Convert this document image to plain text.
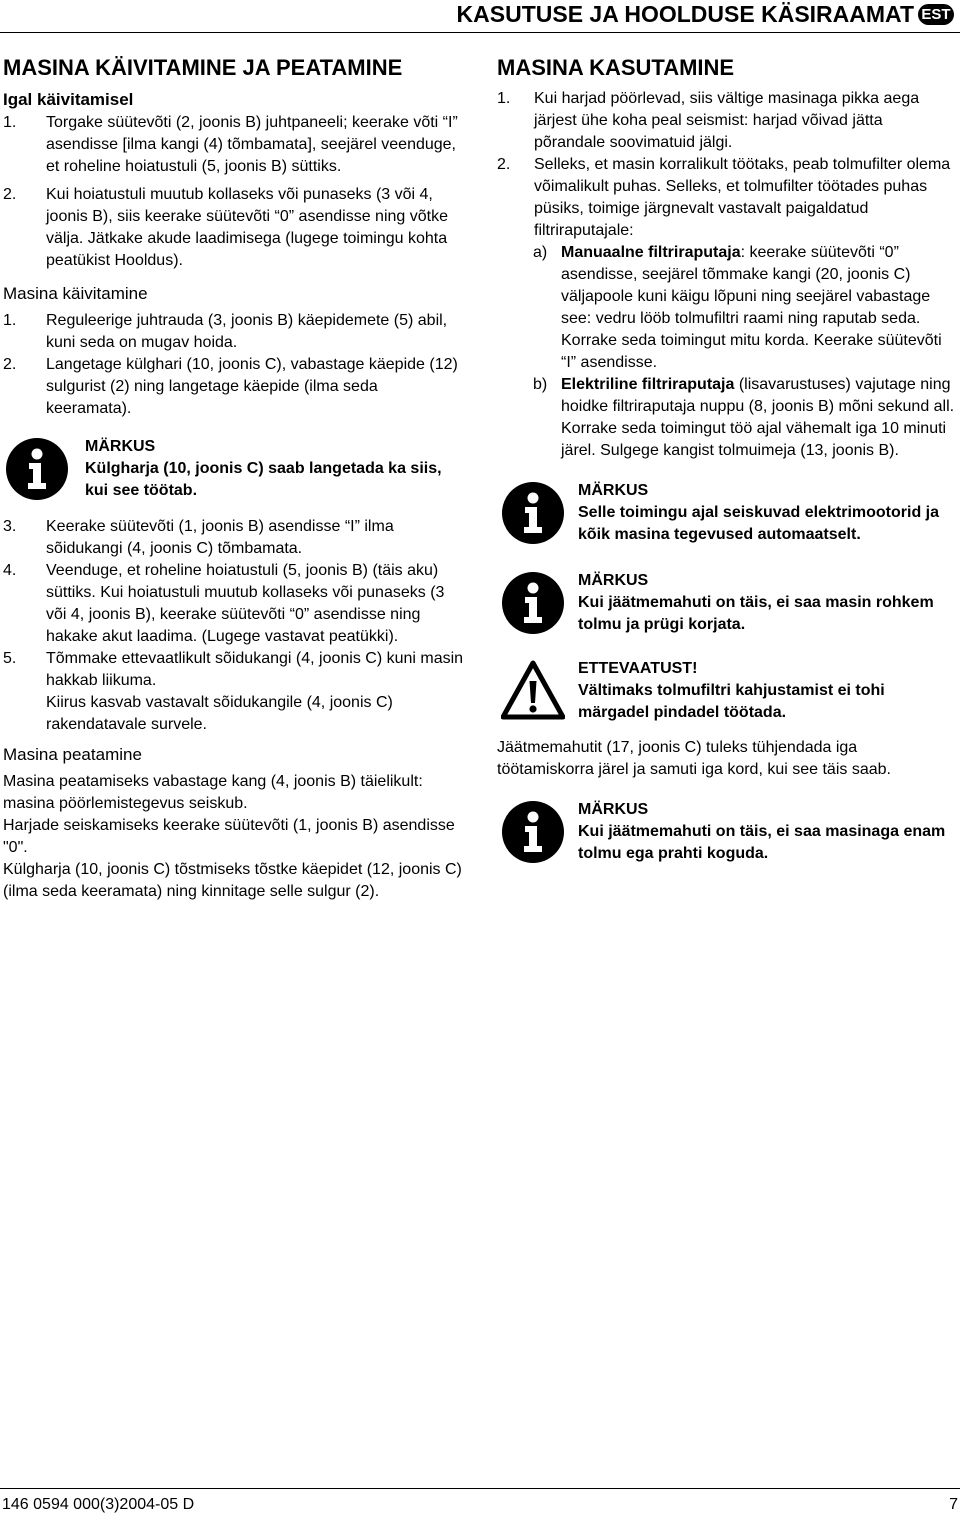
KASUTUSE JA HOOLDUSE KÄSIRAAMAT EST
MASINA KÄIVITAMINE JA PEATAMINE
Igal käivitamisel
1. Torgake süütevõti (2, joonis B) juhtpaneeli; keerake võti “I” asendisse [ilma kangi (4) tõmbamata], seejärel veenduge, et roheline hoiatustuli (5, joonis B) süttiks.
2. Kui hoiatustuli muutub kollaseks või punaseks (3 või 4, joonis B), siis keerake süütevõti “0” asendisse ning võtke välja. Jätkake akude laadimisega (lugege toimingu kohta peatükist Hooldus).
Masina käivitamine
1. Reguleerige juhtrauda (3, joonis B) käepidemete (5) abil, kuni seda on mugav hoida.
2. Langetage külghari (10, joonis C), vabastage käepide (12) sulgurist (2) ning langetage käepide (ilma seda keeramata).
MÄRKUS
Külgharja (10, joonis C) saab langetada ka siis, kui see töötab.
3. Keerake süütevõti (1, joonis B) asendisse “I” ilma sõidukangi (4, joonis C) tõmbamata.
4. Veenduge, et roheline hoiatustuli (5, joonis B) (täis aku) süttiks. Kui hoiatustuli muutub kollaseks või punaseks (3 või 4, joonis B), keerake süütevõti “0” asendisse ning hakake akut laadima. (Lugege vastavat peatükki).
5. Tõmmake ettevaatlikult sõidukangi (4, joonis C) kuni masin hakkab liikuma.
Kiirus kasvab vastavalt sõidukangile (4, joonis C) rakendatavale survele.
Masina peatamine

Masina peatamiseks vabastage kang (4, joonis B) täielikult: masina pöörlemistegevus seiskub.

Harjade seiskamiseks keerake süütevõti (1, joonis B) asendisse "0".

Külgharja (10, joonis C) tõstmiseks tõstke käepidet (12, joonis C) (ilma seda keeramata) ning kinnitage selle sulgur (2).

MASINA KASUTAMINE
1. Kui harjad pöörlevad, siis vältige masinaga pikka aega järjest ühe koha peal seismist: harjad võivad jätta põrandale soovimatuid jälgi.
2. Selleks, et masin korralikult töötaks, peab tolmufilter olema võimalikult puhas. Selleks, et tolmufilter töötades puhas püsiks, toimige järgnevalt vastavalt paigaldatud filtriraputajale:
a) Manuaalne filtriraputaja: keerake süütevõti “0” asendisse, seejärel tõmmake kangi (20, joonis C) väljapoole kuni käigu lõpuni ning seejärel vabastage see: vedru lööb tolmufiltri raami ning raputab seda.
Korrake seda toimingut mitu korda. Keerake süütevõti “I” asendisse.
b) Elektriline filtriraputaja (lisavarustuses) vajutage ning hoidke filtriraputaja nuppu (8, joonis B) mõni sekund all.
Korrake seda toimingut töö ajal vähemalt iga 10 minuti järel. Sulgege kangist tolmuimeja (13, joonis B).
MÄRKUS
Selle toimingu ajal seiskuvad elektrimootorid ja kõik masina tegevused automaatselt.
MÄRKUS
Kui jäätmemahuti on täis, ei saa masin rohkem tolmu ja prügi korjata.
ETTEVAATUST!
Vältimaks tolmufiltri kahjustamist ei tohi märgadel pindadel töötada.

Jäätmemahutit (17, joonis C) tuleks tühjendada iga töötamiskorra järel ja samuti iga kord, kui see täis saab.

MÄRKUS
Kui jäätmemahuti on täis, ei saa masinaga enam tolmu ega prahti koguda.
146 0594 000(3)2004-05 D	7
